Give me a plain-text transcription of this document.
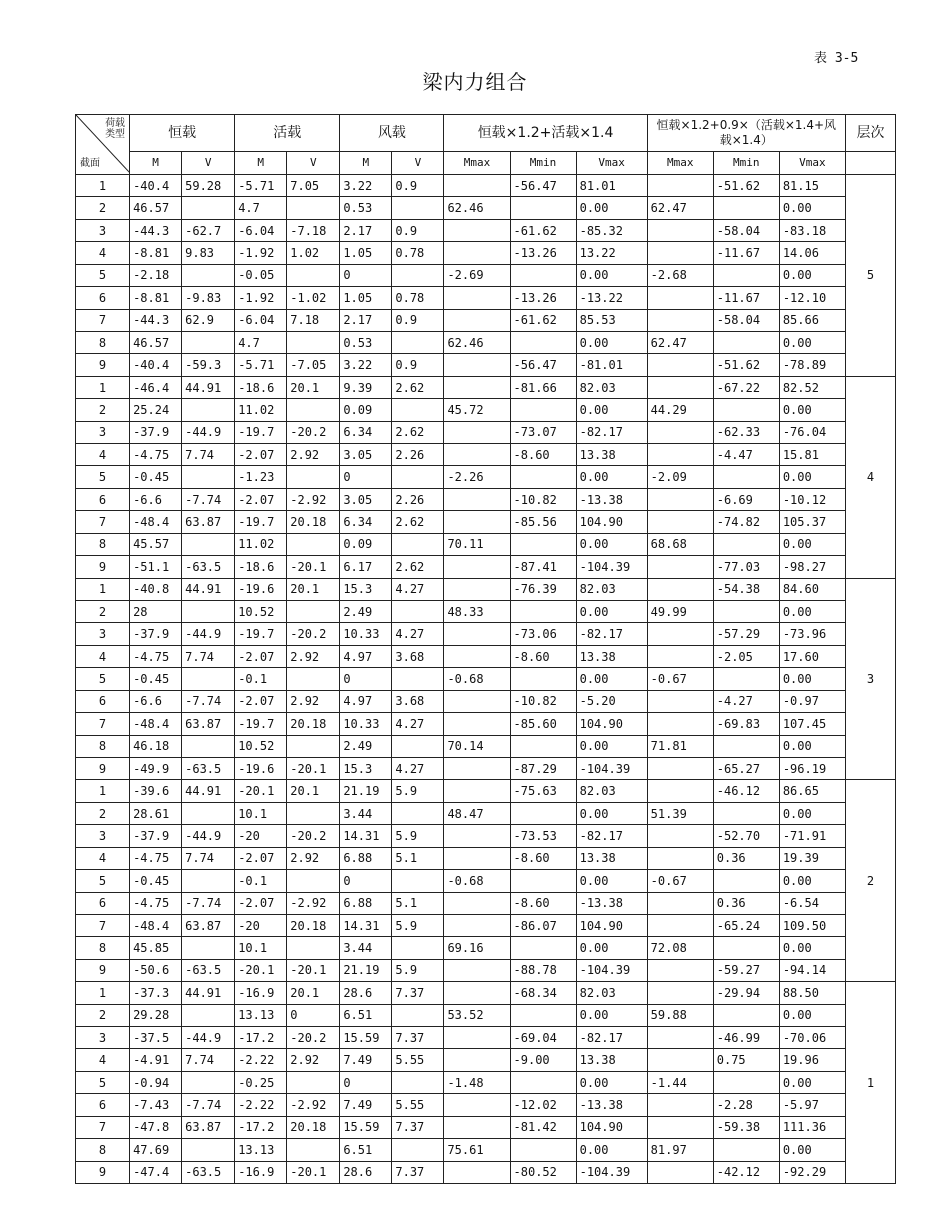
表 3-5
梁内力组合
荷载
类型
截面	恒载		活载		风载		恒载×1.2+活载×1.4			恒载×1.2+0.9×（活载×1.4+风载×1.4）			层次
	M	V	M	V	M	V	Mmax	Mmin	Vmax	Mmax	Mmin	Vmax	
1	-40.4	59.28	-5.71	7.05	3.22	0.9		-56.47	81.01		-51.62	81.15	5
2	46.57		4.7		0.53		62.46		0.00	62.47		0.00	
3	-44.3	-62.7	-6.04	-7.18	2.17	0.9		-61.62	-85.32		-58.04	-83.18	
4	-8.81	9.83	-1.92	1.02	1.05	0.78		-13.26	13.22		-11.67	14.06	
5	-2.18		-0.05		0		-2.69		0.00	-2.68		0.00	
6	-8.81	-9.83	-1.92	-1.02	1.05	0.78		-13.26	-13.22		-11.67	-12.10	
7	-44.3	62.9	-6.04	7.18	2.17	0.9		-61.62	85.53		-58.04	85.66	
8	46.57		4.7		0.53		62.46		0.00	62.47		0.00	
9	-40.4	-59.3	-5.71	-7.05	3.22	0.9		-56.47	-81.01		-51.62	-78.89	
1	-46.4	44.91	-18.6	20.1	9.39	2.62		-81.66	82.03		-67.22	82.52	4
2	25.24		11.02		0.09		45.72		0.00	44.29		0.00	
3	-37.9	-44.9	-19.7	-20.2	6.34	2.62		-73.07	-82.17		-62.33	-76.04	
4	-4.75	7.74	-2.07	2.92	3.05	2.26		-8.60	13.38		-4.47	15.81	
5	-0.45		-1.23		0		-2.26		0.00	-2.09		0.00	
6	-6.6	-7.74	-2.07	-2.92	3.05	2.26		-10.82	-13.38		-6.69	-10.12	
7	-48.4	63.87	-19.7	20.18	6.34	2.62		-85.56	104.90		-74.82	105.37	
8	45.57		11.02		0.09		70.11		0.00	68.68		0.00	
9	-51.1	-63.5	-18.6	-20.1	6.17	2.62		-87.41	-104.39		-77.03	-98.27	
1	-40.8	44.91	-19.6	20.1	15.3	4.27		-76.39	82.03		-54.38	84.60	3
2	28		10.52		2.49		48.33		0.00	49.99		0.00	
3	-37.9	-44.9	-19.7	-20.2	10.33	4.27		-73.06	-82.17		-57.29	-73.96	
4	-4.75	7.74	-2.07	2.92	4.97	3.68		-8.60	13.38		-2.05	17.60	
5	-0.45		-0.1		0		-0.68		0.00	-0.67		0.00	
6	-6.6	-7.74	-2.07	2.92	4.97	3.68		-10.82	-5.20		-4.27	-0.97	
7	-48.4	63.87	-19.7	20.18	10.33	4.27		-85.60	104.90		-69.83	107.45	
8	46.18		10.52		2.49		70.14		0.00	71.81		0.00	
9	-49.9	-63.5	-19.6	-20.1	15.3	4.27		-87.29	-104.39		-65.27	-96.19	
1	-39.6	44.91	-20.1	20.1	21.19	5.9		-75.63	82.03		-46.12	86.65	2
2	28.61		10.1		3.44		48.47		0.00	51.39		0.00	
3	-37.9	-44.9	-20	-20.2	14.31	5.9		-73.53	-82.17		-52.70	-71.91	
4	-4.75	7.74	-2.07	2.92	6.88	5.1		-8.60	13.38		0.36	19.39	
5	-0.45		-0.1		0		-0.68		0.00	-0.67		0.00	
6	-4.75	-7.74	-2.07	-2.92	6.88	5.1		-8.60	-13.38		0.36	-6.54	
7	-48.4	63.87	-20	20.18	14.31	5.9		-86.07	104.90		-65.24	109.50	
8	45.85		10.1		3.44		69.16		0.00	72.08		0.00	
9	-50.6	-63.5	-20.1	-20.1	21.19	5.9		-88.78	-104.39		-59.27	-94.14	
1	-37.3	44.91	-16.9	20.1	28.6	7.37		-68.34	82.03		-29.94	88.50	1
2	29.28		13.13	0	6.51		53.52		0.00	59.88		0.00	
3	-37.5	-44.9	-17.2	-20.2	15.59	7.37		-69.04	-82.17		-46.99	-70.06	
4	-4.91	7.74	-2.22	2.92	7.49	5.55		-9.00	13.38		0.75	19.96	
5	-0.94		-0.25		0		-1.48		0.00	-1.44		0.00	
6	-7.43	-7.74	-2.22	-2.92	7.49	5.55		-12.02	-13.38		-2.28	-5.97	
7	-47.8	63.87	-17.2	20.18	15.59	7.37		-81.42	104.90		-59.38	111.36	
8	47.69		13.13		6.51		75.61		0.00	81.97		0.00	
9	-47.4	-63.5	-16.9	-20.1	28.6	7.37		-80.52	-104.39		-42.12	-92.29	
